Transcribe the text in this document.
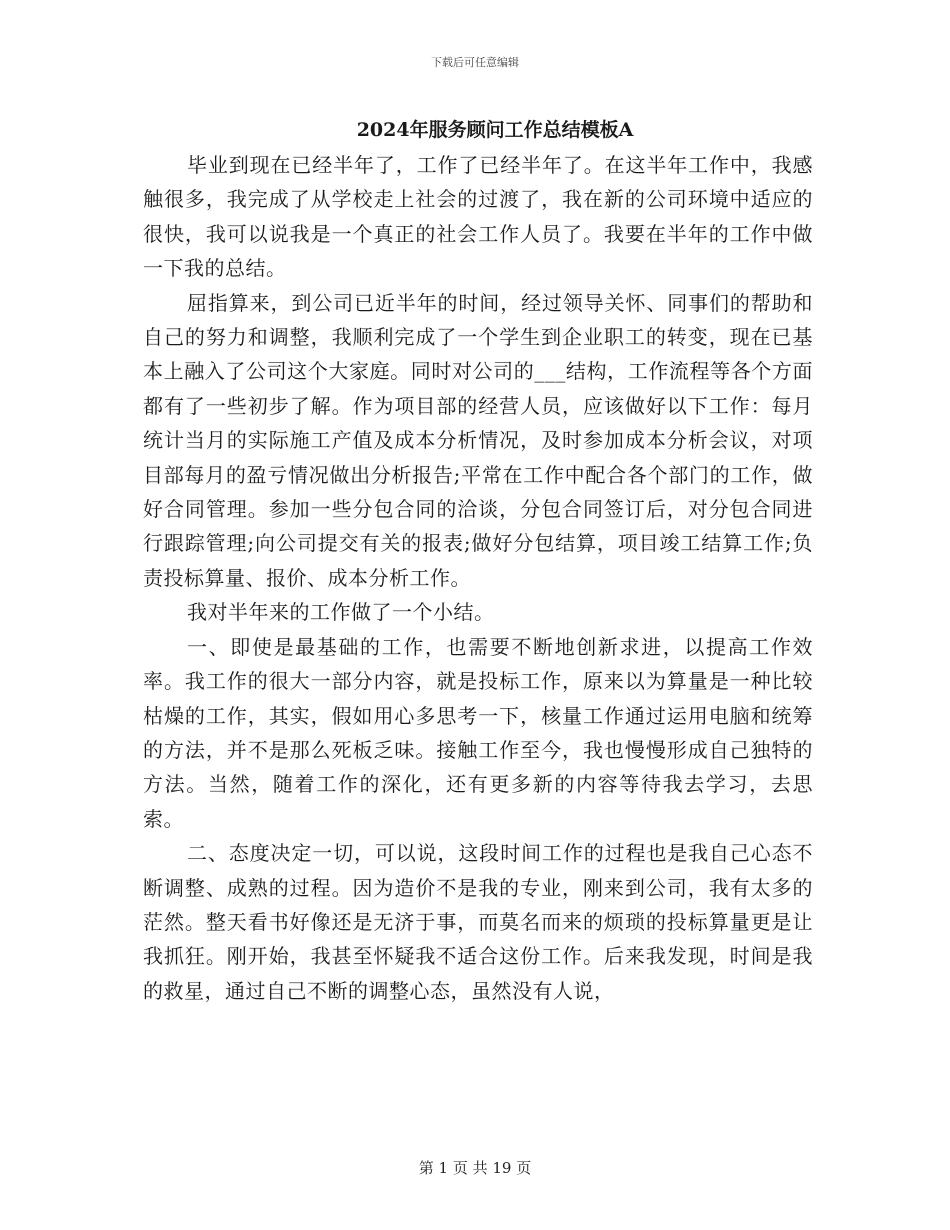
下载后可任意编辑
2024年服务顾问工作总结模板A

毕业到现在已经半年了，工作了已经半年了。在这半年工作中，我感触很多，我完成了从学校走上社会的过渡了，我在新的公司环境中适应的很快，我可以说我是一个真正的社会工作人员了。我要在半年的工作中做一下我的总结。

屈指算来，到公司已近半年的时间，经过领导关怀、同事们的帮助和自己的努力和调整，我顺利完成了一个学生到企业职工的转变，现在已基本上融入了公司这个大家庭。同时对公司的___结构，工作流程等各个方面都有了一些初步了解。作为项目部的经营人员，应该做好以下工作：每月统计当月的实际施工产值及成本分析情况，及时参加成本分析会议，对项目部每月的盈亏情况做出分析报告;平常在工作中配合各个部门的工作，做好合同管理。参加一些分包合同的洽谈，分包合同签订后，对分包合同进行跟踪管理;向公司提交有关的报表;做好分包结算，项目竣工结算工作;负责投标算量、报价、成本分析工作。

我对半年来的工作做了一个小结。

一、即使是最基础的工作，也需要不断地创新求进，以提高工作效率。我工作的很大一部分内容，就是投标工作，原来以为算量是一种比较枯燥的工作，其实，假如用心多思考一下，核量工作通过运用电脑和统筹的方法，并不是那么死板乏味。接触工作至今，我也慢慢形成自己独特的方法。当然，随着工作的深化，还有更多新的内容等待我去学习，去思索。

二、态度决定一切，可以说，这段时间工作的过程也是我自己心态不断调整、成熟的过程。因为造价不是我的专业，刚来到公司，我有太多的茫然。整天看书好像还是无济于事，而莫名而来的烦琐的投标算量更是让我抓狂。刚开始，我甚至怀疑我不适合这份工作。后来我发现，时间是我的救星，通过自己不断的调整心态，虽然没有人说，

第 1 页 共 19 页
